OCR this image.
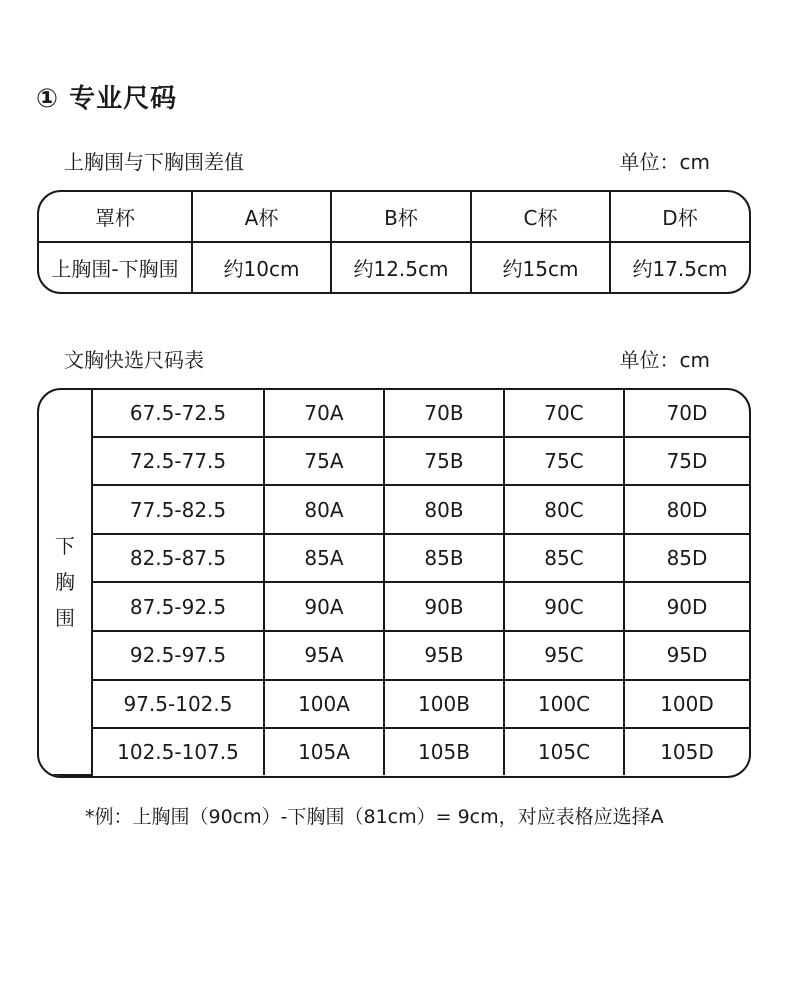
① 专业尺码
上胸围与下胸围差值	单位：cm
罩杯	A杯	B杯	C杯	D杯
上胸围-下胸围	约10cm	约12.5cm	约15cm	约17.5cm
文胸快选尺码表	单位：cm
下
胸
围	67.5-72.5	70A	70B	70C	70D
	72.5-77.5	75A	75B	75C	75D
	77.5-82.5	80A	80B	80C	80D
	82.5-87.5	85A	85B	85C	85D
	87.5-92.5	90A	90B	90C	90D
	92.5-97.5	95A	95B	95C	95D
	97.5-102.5	100A	100B	100C	100D
	102.5-107.5	105A	105B	105C	105D
*例：上胸围（90cm）-下胸围（81cm）= 9cm，对应表格应选择A
